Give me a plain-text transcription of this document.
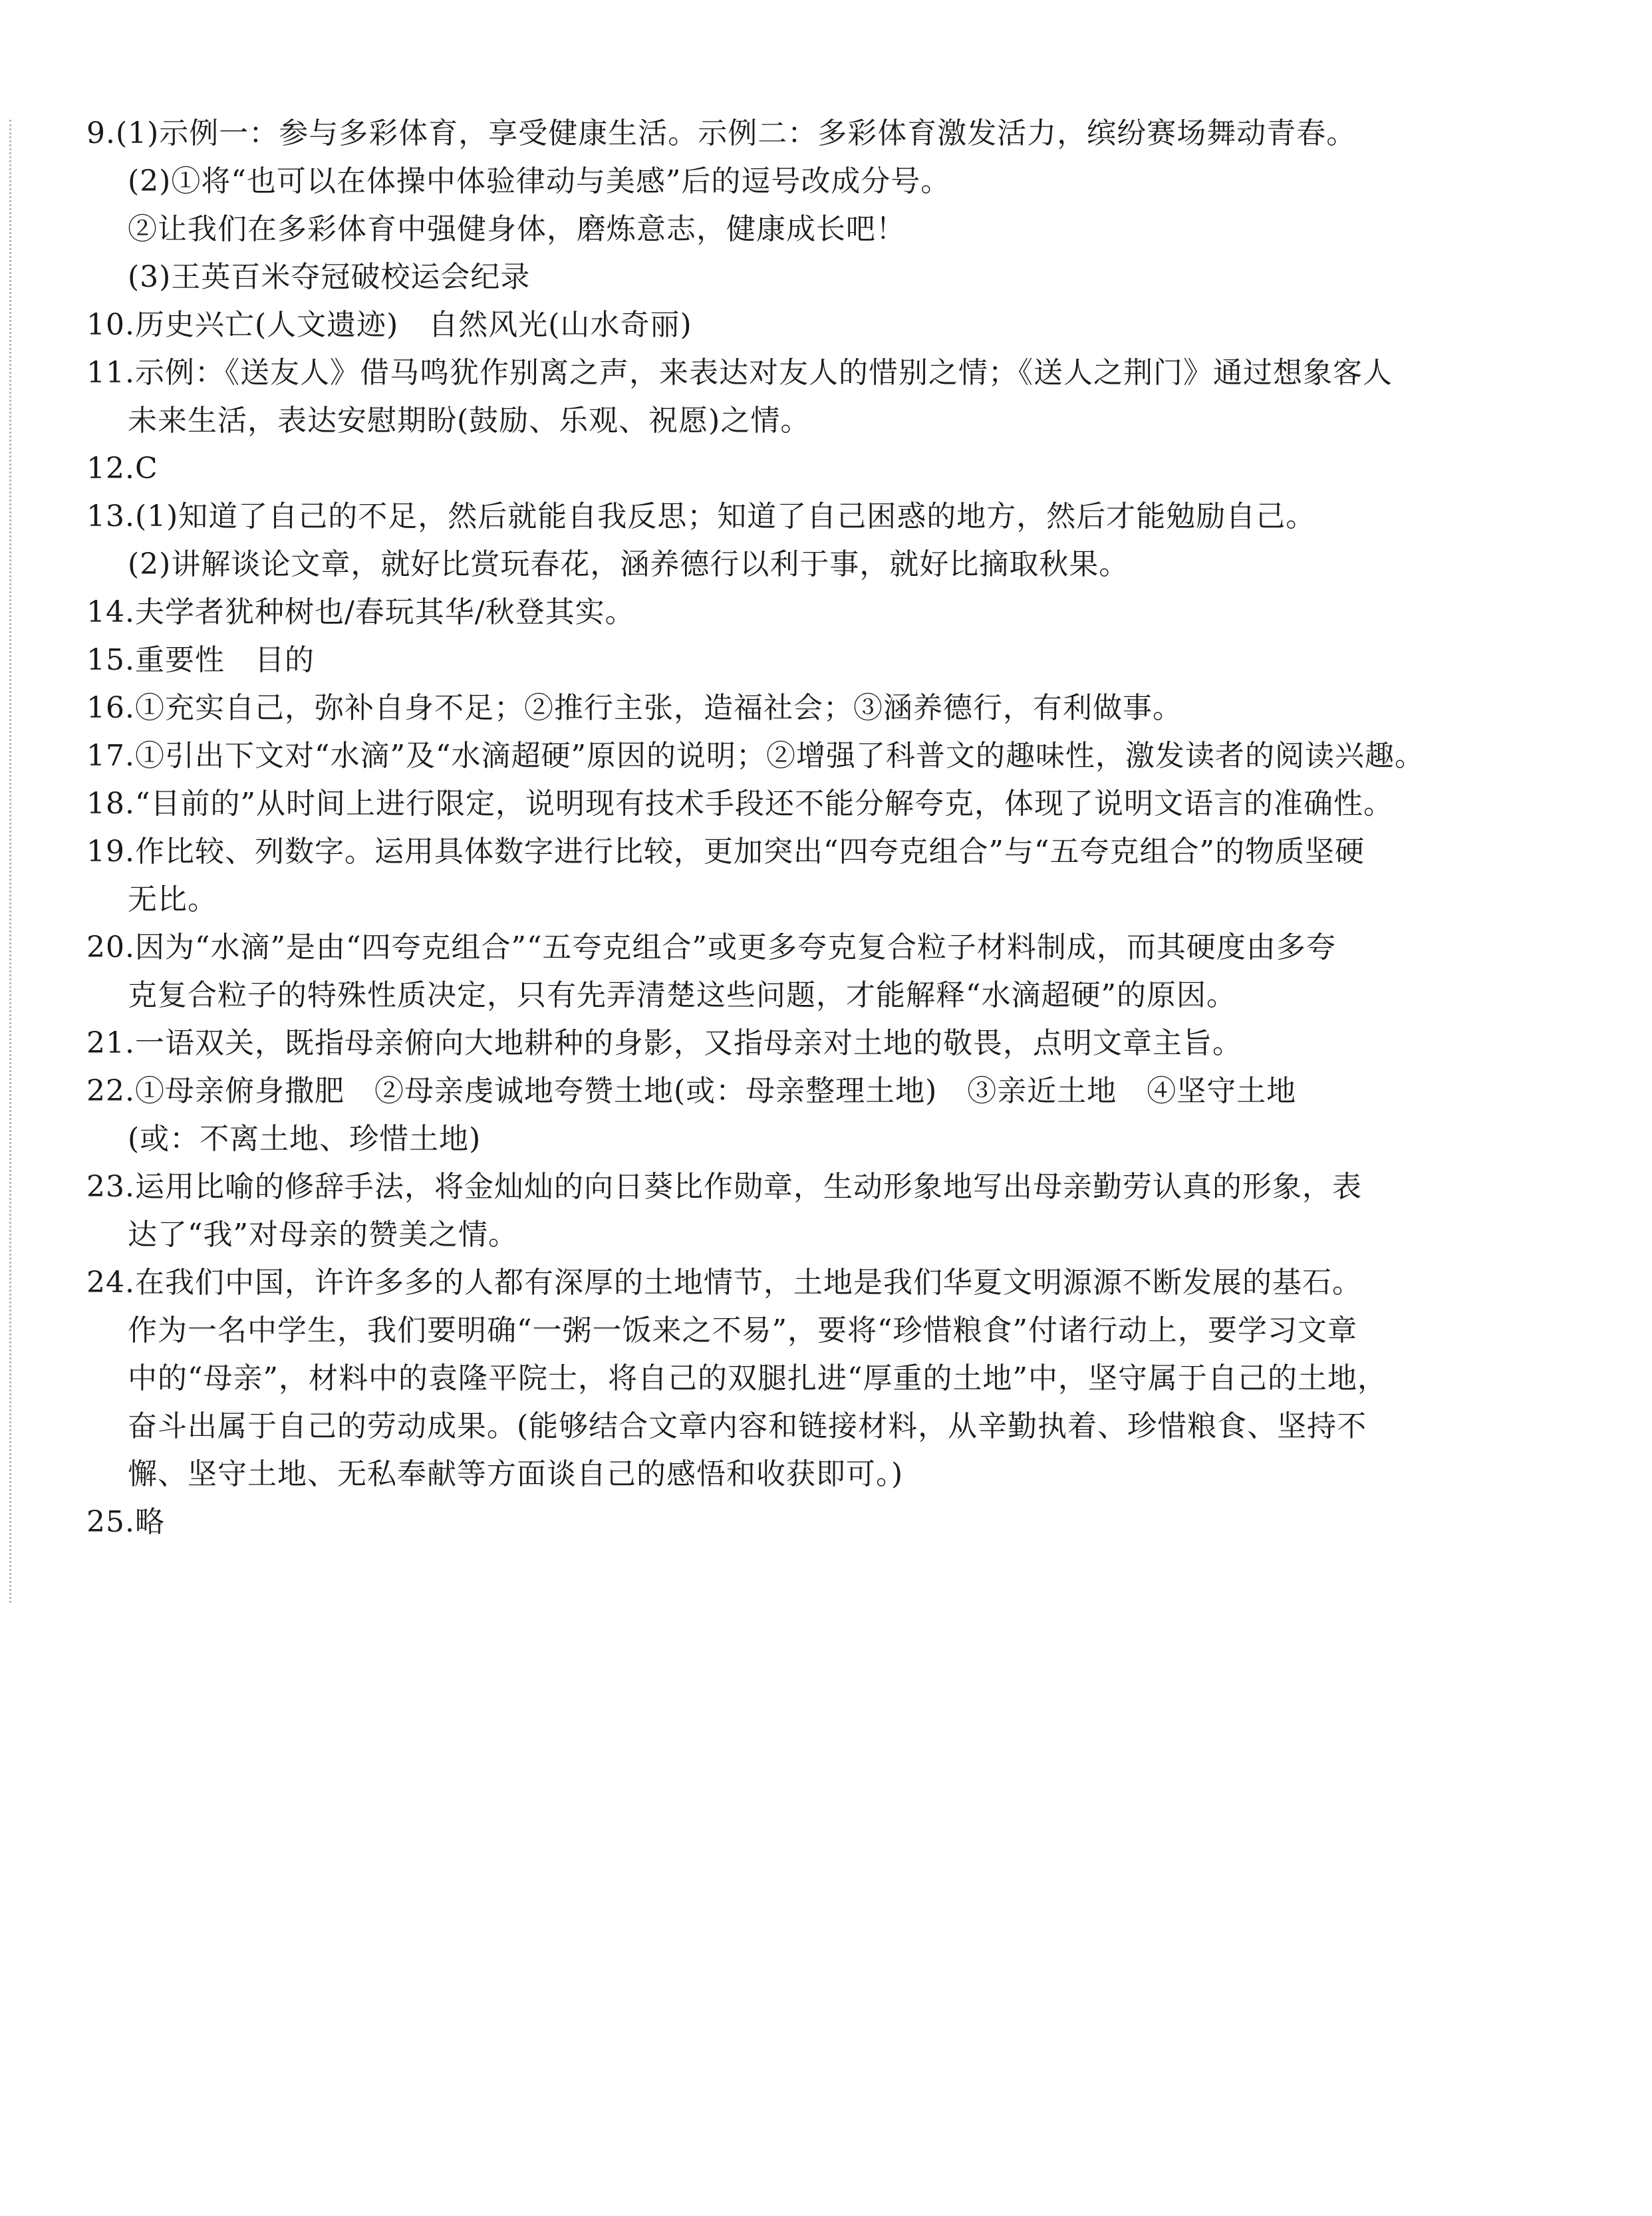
9.(1)示例一：参与多彩体育，享受健康生活。示例二：多彩体育激发活力，缤纷赛场舞动青春。
(2)①将“也可以在体操中体验律动与美感”后的逗号改成分号。
②让我们在多彩体育中强健身体，磨炼意志，健康成长吧！
(3)王英百米夺冠破校运会纪录
10.历史兴亡(人文遗迹)　自然风光(山水奇丽)
11.示例：《送友人》借马鸣犹作别离之声，来表达对友人的惜别之情；《送人之荆门》通过想象客人
未来生活，表达安慰期盼(鼓励、乐观、祝愿)之情。
12.C
13.(1)知道了自己的不足，然后就能自我反思；知道了自己困惑的地方，然后才能勉励自己。
(2)讲解谈论文章，就好比赏玩春花，涵养德行以利于事，就好比摘取秋果。
14.夫学者犹种树也/春玩其华/秋登其实。
15.重要性　目的
16.①充实自己，弥补自身不足；②推行主张，造福社会；③涵养德行，有利做事。
17.①引出下文对“水滴”及“水滴超硬”原因的说明；②增强了科普文的趣味性，激发读者的阅读兴趣。
18.“目前的”从时间上进行限定，说明现有技术手段还不能分解夸克，体现了说明文语言的准确性。
19.作比较、列数字。运用具体数字进行比较，更加突出“四夸克组合”与“五夸克组合”的物质坚硬
无比。
20.因为“水滴”是由“四夸克组合”“五夸克组合”或更多夸克复合粒子材料制成，而其硬度由多夸
克复合粒子的特殊性质决定，只有先弄清楚这些问题，才能解释“水滴超硬”的原因。
21.一语双关，既指母亲俯向大地耕种的身影，又指母亲对土地的敬畏，点明文章主旨。
22.①母亲俯身撒肥　②母亲虔诚地夸赞土地(或：母亲整理土地)　③亲近土地　④坚守土地
(或：不离土地、珍惜土地)
23.运用比喻的修辞手法，将金灿灿的向日葵比作勋章，生动形象地写出母亲勤劳认真的形象，表
达了“我”对母亲的赞美之情。
24.在我们中国，许许多多的人都有深厚的土地情节，土地是我们华夏文明源源不断发展的基石。
作为一名中学生，我们要明确“一粥一饭来之不易”，要将“珍惜粮食”付诸行动上，要学习文章
中的“母亲”，材料中的袁隆平院士，将自己的双腿扎进“厚重的土地”中，坚守属于自己的土地，
奋斗出属于自己的劳动成果。(能够结合文章内容和链接材料，从辛勤执着、珍惜粮食、坚持不
懈、坚守土地、无私奉献等方面谈自己的感悟和收获即可。)
25.略
